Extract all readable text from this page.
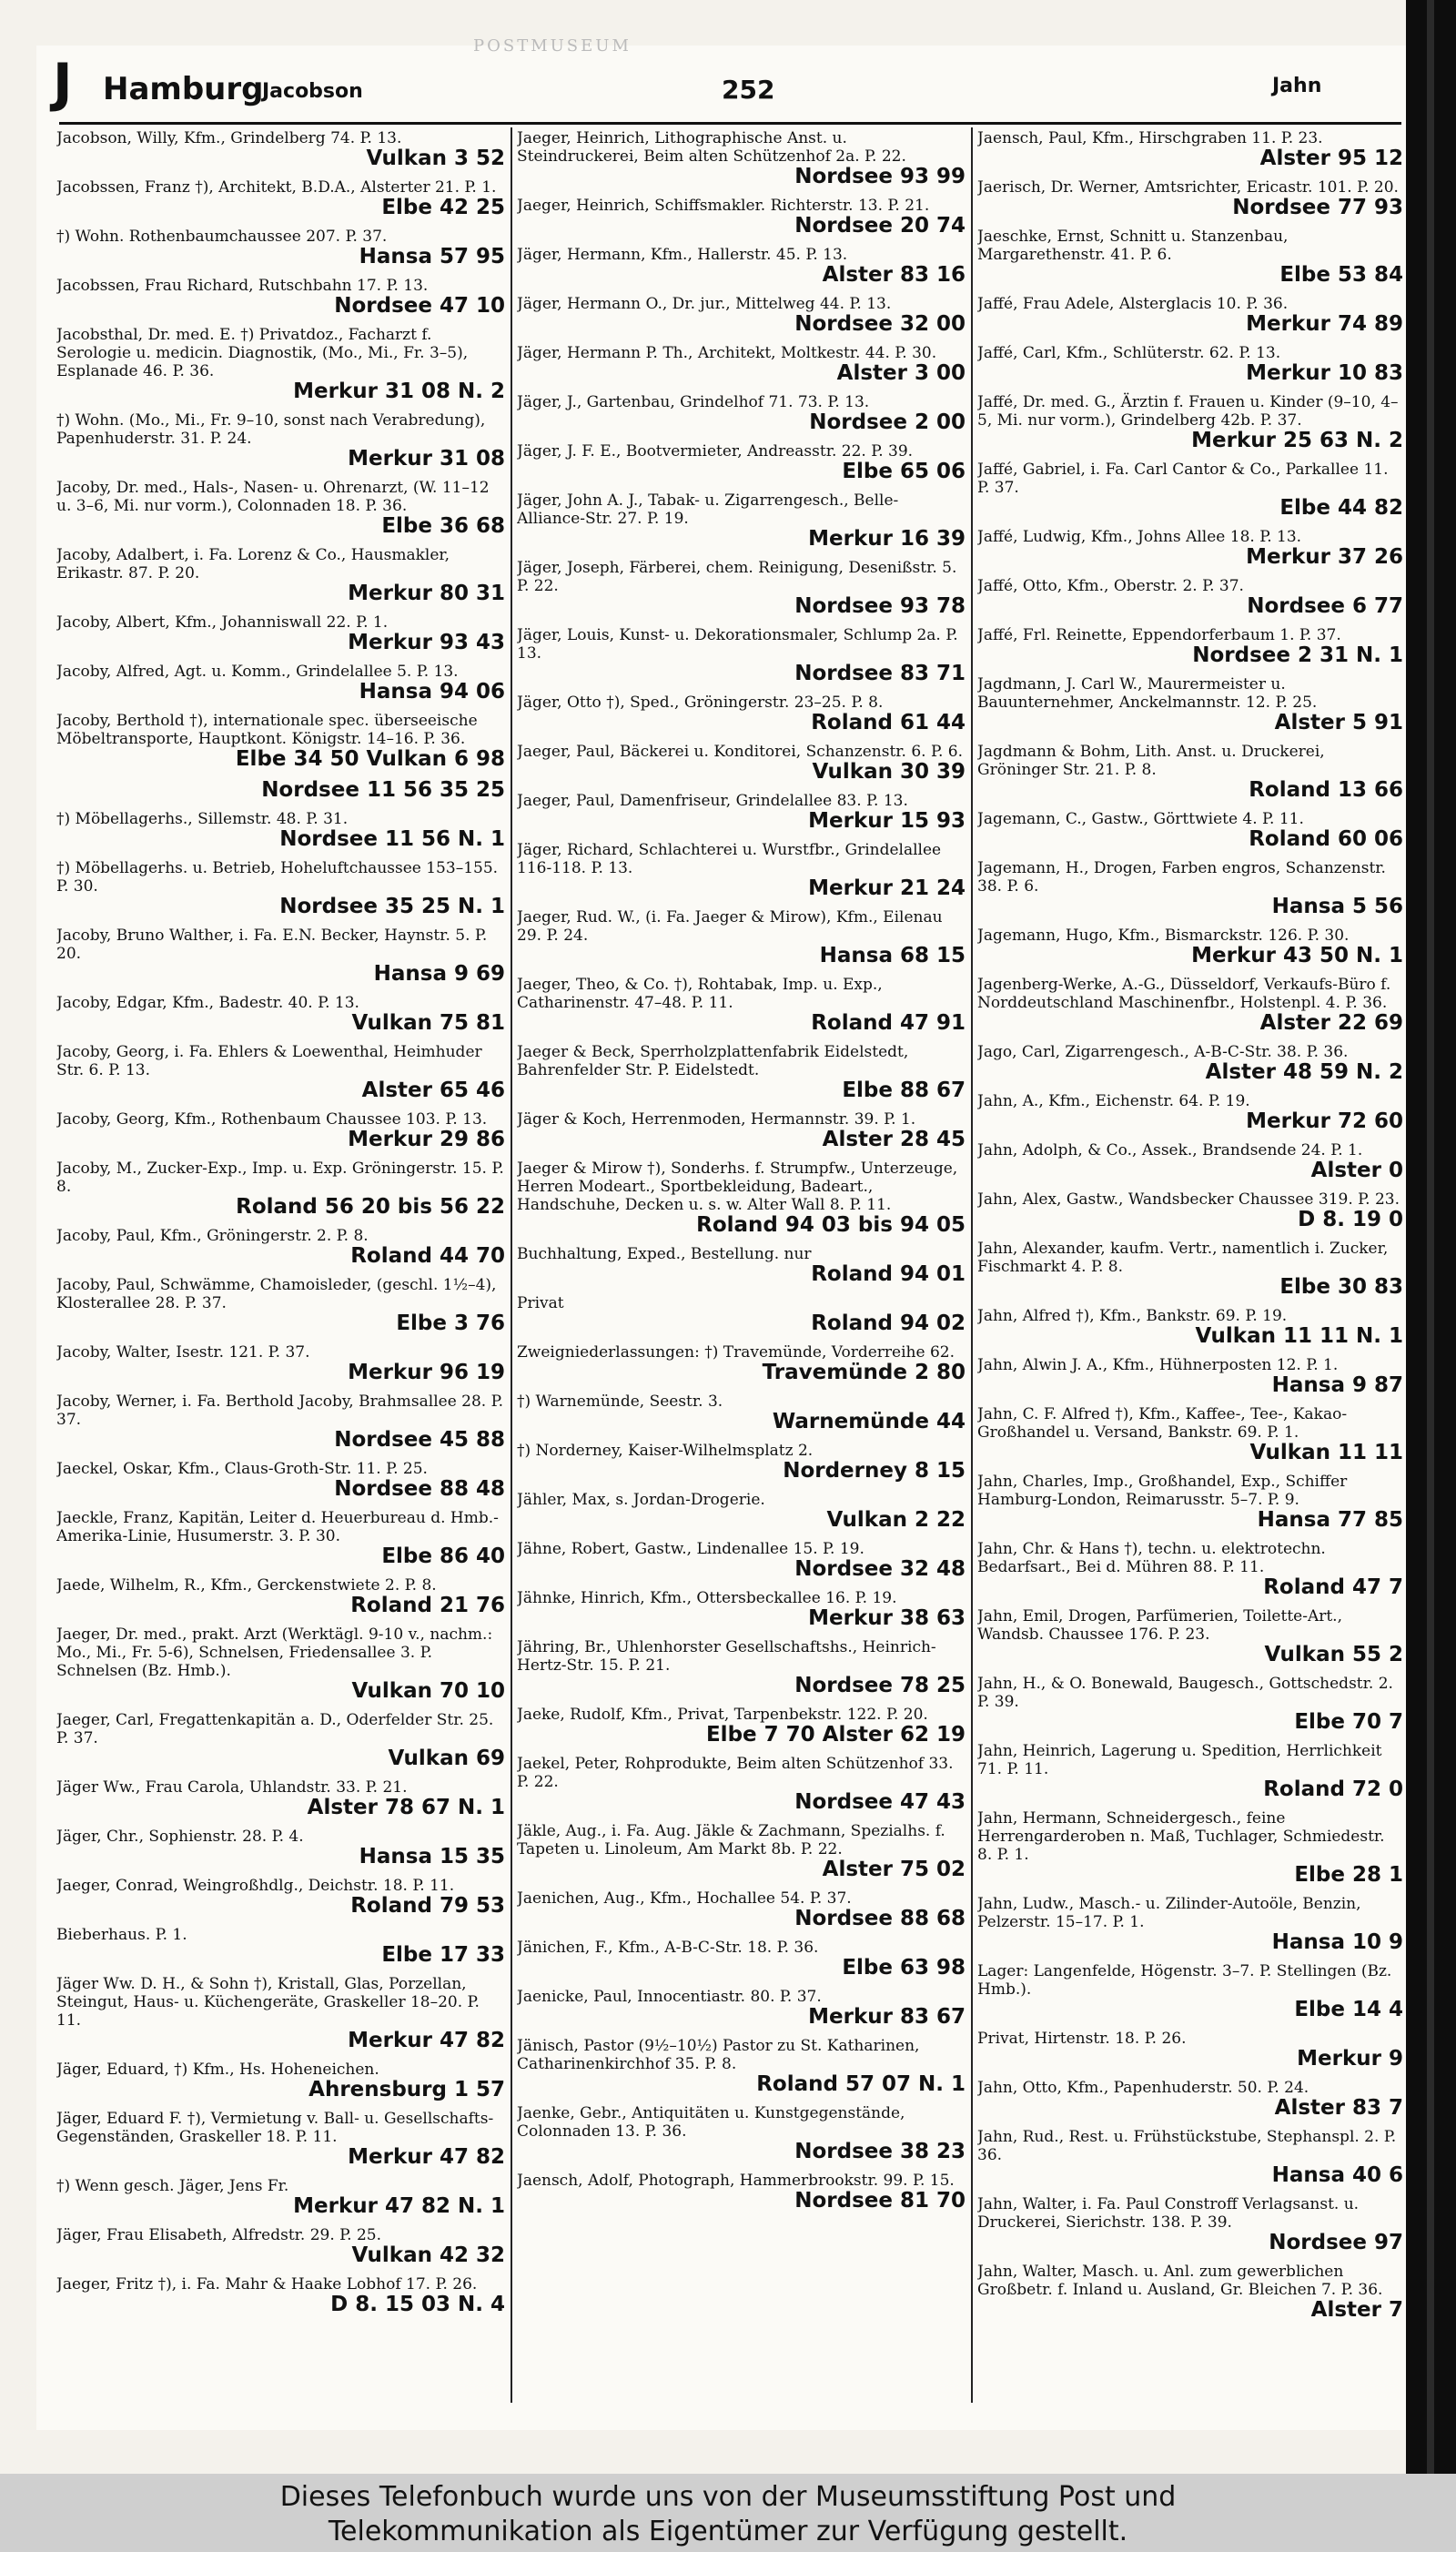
POSTMUSEUM
J Hamburg
Jacobson	252	Jahn
Jacobson, Willy, Kfm., Grindelberg 74. P. 13.
Vulkan 3 52
Jacobssen, Franz †), Architekt, B.D.A., Alsterter 21. P. 1.
Elbe 42 25
†) Wohn. Rothenbaumchaussee 207. P. 37.
Hansa 57 95
Jacobssen, Frau Richard, Rutschbahn 17. P. 13.
Nordsee 47 10
Jacobsthal, Dr. med. E. †) Privatdoz., Facharzt f. Serologie u. medicin. Diagnostik, (Mo., Mi., Fr. 3–5), Esplanade 46. P. 36.
Merkur 31 08 N. 2
†) Wohn. (Mo., Mi., Fr. 9–10, sonst nach Verabredung), Papenhuderstr. 31. P. 24.
Merkur 31 08
Jacoby, Dr. med., Hals-, Nasen- u. Ohrenarzt, (W. 11–12 u. 3–6, Mi. nur vorm.), Colonnaden 18. P. 36.
Elbe 36 68
Jacoby, Adalbert, i. Fa. Lorenz & Co., Hausmakler, Erikastr. 87. P. 20.
Merkur 80 31
Jacoby, Albert, Kfm., Johanniswall 22. P. 1.
Merkur 93 43
Jacoby, Alfred, Agt. u. Komm., Grindelallee 5. P. 13.
Hansa 94 06
Jacoby, Berthold †), internationale spec. überseeische Möbeltransporte, Hauptkont. Königstr. 14–16. P. 36.
Elbe 34 50 Vulkan 6 98
Nordsee 11 56 35 25
†) Möbellagerhs., Sillemstr. 48. P. 31.
Nordsee 11 56 N. 1
†) Möbellagerhs. u. Betrieb, Hoheluftchaussee 153–155. P. 30.
Nordsee 35 25 N. 1
Jacoby, Bruno Walther, i. Fa. E.N. Becker, Haynstr. 5. P. 20.
Hansa 9 69
Jacoby, Edgar, Kfm., Badestr. 40. P. 13.
Vulkan 75 81
Jacoby, Georg, i. Fa. Ehlers & Loewenthal, Heimhuder Str. 6. P. 13.
Alster 65 46
Jacoby, Georg, Kfm., Rothenbaum Chaussee 103. P. 13.
Merkur 29 86
Jacoby, M., Zucker-Exp., Imp. u. Exp. Gröningerstr. 15. P. 8.
Roland 56 20 bis 56 22
Jacoby, Paul, Kfm., Gröningerstr. 2. P. 8.
Roland 44 70
Jacoby, Paul, Schwämme, Chamoisleder, (geschl. 1½–4), Klosterallee 28. P. 37.
Elbe 3 76
Jacoby, Walter, Isestr. 121. P. 37.
Merkur 96 19
Jacoby, Werner, i. Fa. Berthold Jacoby, Brahmsallee 28. P. 37.
Nordsee 45 88
Jaeckel, Oskar, Kfm., Claus-Groth-Str. 11. P. 25.
Nordsee 88 48
Jaeckle, Franz, Kapitän, Leiter d. Heuerbureau d. Hmb.-Amerika-Linie, Husumerstr. 3. P. 30.
Elbe 86 40
Jaede, Wilhelm, R., Kfm., Gerckenstwiete 2. P. 8.
Roland 21 76
Jaeger, Dr. med., prakt. Arzt (Werktägl. 9-10 v., nachm.: Mo., Mi., Fr. 5-6), Schnelsen, Friedensallee 3. P. Schnelsen (Bz. Hmb.).
Vulkan 70 10
Jaeger, Carl, Fregattenkapitän a. D., Oderfelder Str. 25. P. 37.
Vulkan 69
Jäger Ww., Frau Carola, Uhlandstr. 33. P. 21.
Alster 78 67 N. 1
Jäger, Chr., Sophienstr. 28. P. 4.
Hansa 15 35
Jaeger, Conrad, Weingroßhdlg., Deichstr. 18. P. 11.
Roland 79 53
Bieberhaus. P. 1.
Elbe 17 33
Jäger Ww. D. H., & Sohn †), Kristall, Glas, Porzellan, Steingut, Haus- u. Küchengeräte, Graskeller 18–20. P. 11.
Merkur 47 82
Jäger, Eduard, †) Kfm., Hs. Hoheneichen.
Ahrensburg 1 57
Jäger, Eduard F. †), Vermietung v. Ball- u. Gesellschafts-Gegenständen, Graskeller 18. P. 11.
Merkur 47 82
†) Wenn gesch. Jäger, Jens Fr.
Merkur 47 82 N. 1
Jäger, Frau Elisabeth, Alfredstr. 29. P. 25.
Vulkan 42 32
Jaeger, Fritz †), i. Fa. Mahr & Haake Lobhof 17. P. 26.
D 8. 15 03 N. 4
Jaeger, Heinrich, Lithographische Anst. u. Steindruckerei, Beim alten Schützenhof 2a. P. 22.
Nordsee 93 99
Jaeger, Heinrich, Schiffsmakler. Richterstr. 13. P. 21.
Nordsee 20 74
Jäger, Hermann, Kfm., Hallerstr. 45. P. 13.
Alster 83 16
Jäger, Hermann O., Dr. jur., Mittelweg 44. P. 13.
Nordsee 32 00
Jäger, Hermann P. Th., Architekt, Moltkestr. 44. P. 30.
Alster 3 00
Jäger, J., Gartenbau, Grindelhof 71. 73. P. 13.
Nordsee 2 00
Jäger, J. F. E., Bootvermieter, Andreasstr. 22. P. 39.
Elbe 65 06
Jäger, John A. J., Tabak- u. Zigarrengesch., Belle-Alliance-Str. 27. P. 19.
Merkur 16 39
Jäger, Joseph, Färberei, chem. Reinigung, Desenißstr. 5. P. 22.
Nordsee 93 78
Jäger, Louis, Kunst- u. Dekorationsmaler, Schlump 2a. P. 13.
Nordsee 83 71
Jäger, Otto †), Sped., Gröningerstr. 23–25. P. 8.
Roland 61 44
Jaeger, Paul, Bäckerei u. Konditorei, Schanzenstr. 6. P. 6.
Vulkan 30 39
Jaeger, Paul, Damenfriseur, Grindelallee 83. P. 13.
Merkur 15 93
Jäger, Richard, Schlachterei u. Wurstfbr., Grindelallee 116-118. P. 13.
Merkur 21 24
Jaeger, Rud. W., (i. Fa. Jaeger & Mirow), Kfm., Eilenau 29. P. 24.
Hansa 68 15
Jaeger, Theo, & Co. †), Rohtabak, Imp. u. Exp., Catharinenstr. 47–48. P. 11.
Roland 47 91
Jaeger & Beck, Sperrholzplattenfabrik Eidelstedt, Bahrenfelder Str. P. Eidelstedt.
Elbe 88 67
Jäger & Koch, Herrenmoden, Hermannstr. 39. P. 1.
Alster 28 45
Jaeger & Mirow †), Sonderhs. f. Strumpfw., Unterzeuge, Herren Modeart., Sportbekleidung, Badeart., Handschuhe, Decken u. s. w. Alter Wall 8. P. 11.
Roland 94 03 bis 94 05
Buchhaltung, Exped., Bestellung. nur
Roland 94 01
Privat
Roland 94 02
Zweigniederlassungen: †) Travemünde, Vorderreihe 62.
Travemünde 2 80
†) Warnemünde, Seestr. 3.
Warnemünde 44
†) Norderney, Kaiser-Wilhelmsplatz 2.
Norderney 8 15
Jähler, Max, s. Jordan-Drogerie.
Vulkan 2 22
Jähne, Robert, Gastw., Lindenallee 15. P. 19.
Nordsee 32 48
Jähnke, Hinrich, Kfm., Ottersbeckallee 16. P. 19.
Merkur 38 63
Jähring, Br., Uhlenhorster Gesellschaftshs., Heinrich-Hertz-Str. 15. P. 21.
Nordsee 78 25
Jaeke, Rudolf, Kfm., Privat, Tarpenbekstr. 122. P. 20.
Elbe 7 70 Alster 62 19
Jaekel, Peter, Rohprodukte, Beim alten Schützenhof 33. P. 22.
Nordsee 47 43
Jäkle, Aug., i. Fa. Aug. Jäkle & Zachmann, Spezialhs. f. Tapeten u. Linoleum, Am Markt 8b. P. 22.
Alster 75 02
Jaenichen, Aug., Kfm., Hochallee 54. P. 37.
Nordsee 88 68
Jänichen, F., Kfm., A-B-C-Str. 18. P. 36.
Elbe 63 98
Jaenicke, Paul, Innocentiastr. 80. P. 37.
Merkur 83 67
Jänisch, Pastor (9½–10½) Pastor zu St. Katharinen, Catharinenkirchhof 35. P. 8.
Roland 57 07 N. 1
Jaenke, Gebr., Antiquitäten u. Kunstgegenstände, Colonnaden 13. P. 36.
Nordsee 38 23
Jaensch, Adolf, Photograph, Hammerbrookstr. 99. P. 15.
Nordsee 81 70
Jaensch, Paul, Kfm., Hirschgraben 11. P. 23.
Alster 95 12
Jaerisch, Dr. Werner, Amtsrichter, Ericastr. 101. P. 20.
Nordsee 77 93
Jaeschke, Ernst, Schnitt u. Stanzenbau, Margarethenstr. 41. P. 6.
Elbe 53 84
Jaffé, Frau Adele, Alsterglacis 10. P. 36.
Merkur 74 89
Jaffé, Carl, Kfm., Schlüterstr. 62. P. 13.
Merkur 10 83
Jaffé, Dr. med. G., Ärztin f. Frauen u. Kinder (9–10, 4–5, Mi. nur vorm.), Grindelberg 42b. P. 37.
Merkur 25 63 N. 2
Jaffé, Gabriel, i. Fa. Carl Cantor & Co., Parkallee 11. P. 37.
Elbe 44 82
Jaffé, Ludwig, Kfm., Johns Allee 18. P. 13.
Merkur 37 26
Jaffé, Otto, Kfm., Oberstr. 2. P. 37.
Nordsee 6 77
Jaffé, Frl. Reinette, Eppendorferbaum 1. P. 37.
Nordsee 2 31 N. 1
Jagdmann, J. Carl W., Maurermeister u. Bauunternehmer, Anckelmannstr. 12. P. 25.
Alster 5 91
Jagdmann & Bohm, Lith. Anst. u. Druckerei, Gröninger Str. 21. P. 8.
Roland 13 66
Jagemann, C., Gastw., Görttwiete 4. P. 11.
Roland 60 06
Jagemann, H., Drogen, Farben engros, Schanzenstr. 38. P. 6.
Hansa 5 56
Jagemann, Hugo, Kfm., Bismarckstr. 126. P. 30.
Merkur 43 50 N. 1
Jagenberg-Werke, A.-G., Düsseldorf, Verkaufs-Büro f. Norddeutschland Maschinenfbr., Holstenpl. 4. P. 36.
Alster 22 69
Jago, Carl, Zigarrengesch., A-B-C-Str. 38. P. 36.
Alster 48 59 N. 2
Jahn, A., Kfm., Eichenstr. 64. P. 19.
Merkur 72 60
Jahn, Adolph, & Co., Assek., Brandsende 24. P. 1.
Alster 0
Jahn, Alex, Gastw., Wandsbecker Chaussee 319. P. 23.
D 8. 19 0
Jahn, Alexander, kaufm. Vertr., namentlich i. Zucker, Fischmarkt 4. P. 8.
Elbe 30 83
Jahn, Alfred †), Kfm., Bankstr. 69. P. 19.
Vulkan 11 11 N. 1
Jahn, Alwin J. A., Kfm., Hühnerposten 12. P. 1.
Hansa 9 87
Jahn, C. F. Alfred †), Kfm., Kaffee-, Tee-, Kakao-Großhandel u. Versand, Bankstr. 69. P. 1.
Vulkan 11 11
Jahn, Charles, Imp., Großhandel, Exp., Schiffer Hamburg-London, Reimarusstr. 5–7. P. 9.
Hansa 77 85
Jahn, Chr. & Hans †), techn. u. elektrotechn. Bedarfsart., Bei d. Mühren 88. P. 11.
Roland 47 7
Jahn, Emil, Drogen, Parfümerien, Toilette-Art., Wandsb. Chaussee 176. P. 23.
Vulkan 55 2
Jahn, H., & O. Bonewald, Baugesch., Gottschedstr. 2. P. 39.
Elbe 70 7
Jahn, Heinrich, Lagerung u. Spedition, Herrlichkeit 71. P. 11.
Roland 72 0
Jahn, Hermann, Schneidergesch., feine Herrengarderoben n. Maß, Tuchlager, Schmiedestr. 8. P. 1.
Elbe 28 1
Jahn, Ludw., Masch.- u. Zilinder-Autoöle, Benzin, Pelzerstr. 15–17. P. 1.
Hansa 10 9
Lager: Langenfelde, Högenstr. 3–7. P. Stellingen (Bz. Hmb.).
Elbe 14 4
Privat, Hirtenstr. 18. P. 26.
Merkur 9
Jahn, Otto, Kfm., Papenhuderstr. 50. P. 24.
Alster 83 7
Jahn, Rud., Rest. u. Frühstückstube, Stephanspl. 2. P. 36.
Hansa 40 6
Jahn, Walter, i. Fa. Paul Constroff Verlagsanst. u. Druckerei, Sierichstr. 138. P. 39.
Nordsee 97
Jahn, Walter, Masch. u. Anl. zum gewerblichen Großbetr. f. Inland u. Ausland, Gr. Bleichen 7. P. 36.
Alster 7
Dieses Telefonbuch wurde uns von der Museumsstiftung Post und
Telekommunikation als Eigentümer zur Verfügung gestellt.
